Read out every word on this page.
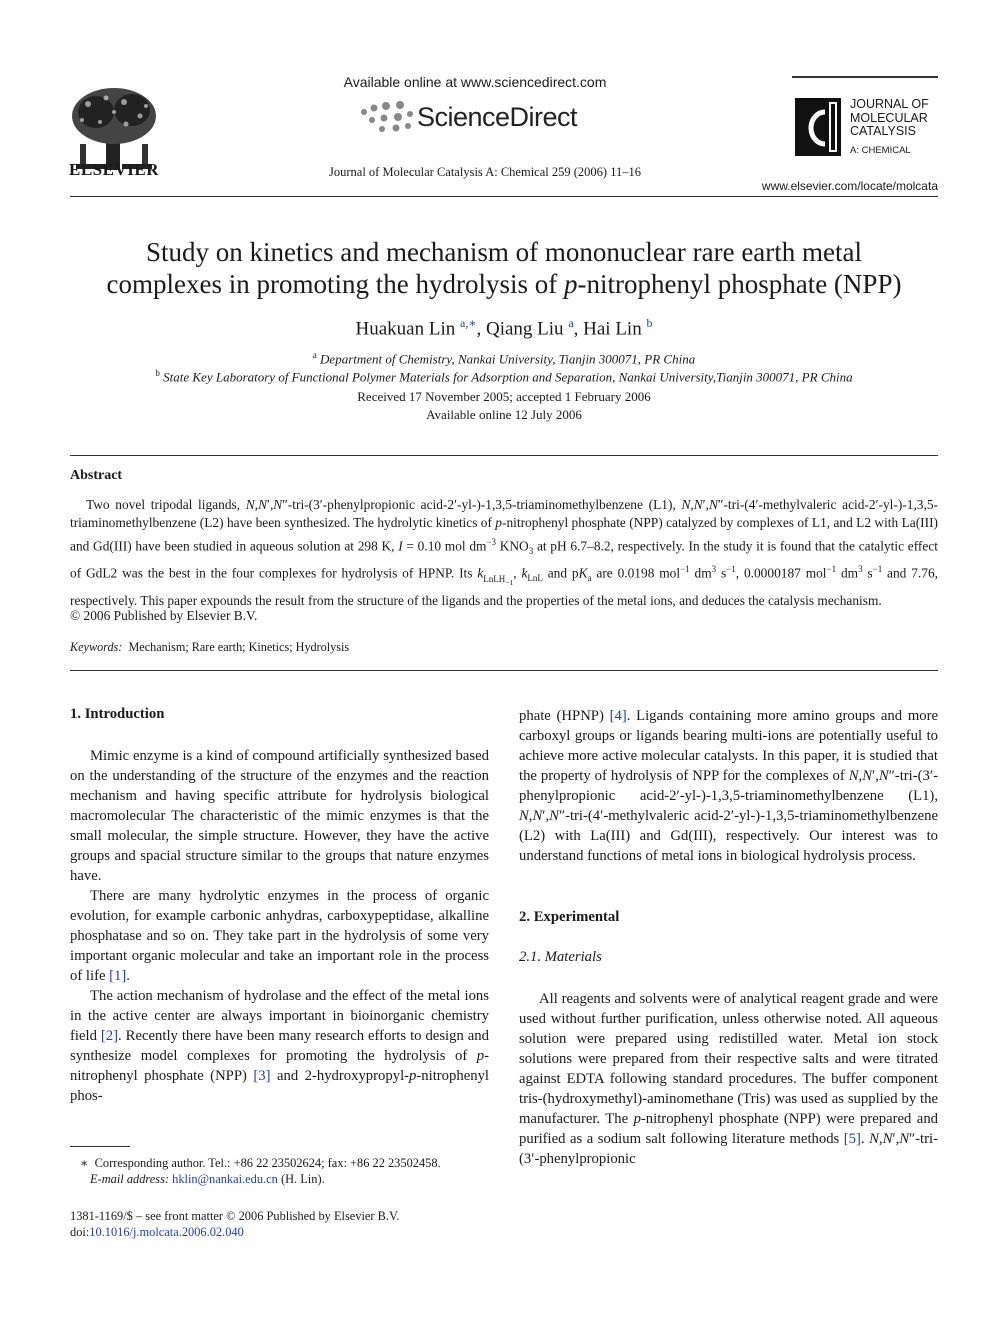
ELSEVIER
Available online at www.sciencedirect.com
ScienceDirect
Journal of Molecular Catalysis A: Chemical 259 (2006) 11–16
JOURNAL OF
MOLECULAR
CATALYSIS
A: CHEMICAL
www.elsevier.com/locate/molcata
Study on kinetics and mechanism of mononuclear rare earth metal
complexes in promoting the hydrolysis of p-nitrophenyl phosphate (NPP)
Huakuan Lin $^{a,∗}$, Qiang Liu $^a$, Hai Lin $^b$
$^a$ Department of Chemistry, Nankai University, Tianjin 300071, PR China
$^b$ State Key Laboratory of Functional Polymer Materials for Adsorption and Separation, Nankai University,Tianjin 300071, PR China
Received 17 November 2005; accepted 1 February 2006
Available online 12 July 2006
Abstract
Two novel tripodal ligands, N,N′,N″-tri-(3′-phenylpropionic acid-2′-yl-)-1,3,5-triaminomethylbenzene (L1), N,N′,N″-tri-(4′-methylvaleric acid-2′-yl-)-1,3,5-triaminomethylbenzene (L2) have been synthesized. The hydrolytic kinetics of p-nitrophenyl phosphate (NPP) catalyzed by complexes of L1, and L2 with La(III) and Gd(III) have been studied in aqueous solution at 298 K, I = 0.10 mol $dm^{-3}$ $KNO_3$ at pH 6.7–8.2, respectively. In the study it is found that the catalytic effect of GdL2 was the best in the four complexes for hydrolysis of HPNP. Its $k_{LnLH_{-1}}$, $k_{LnL}$ and $pK_a$ are 0.0198 mol$^{-1}$ $dm^3$ $s^{-1}$, 0.0000187 mol$^{-1}$ $dm^3$ $s^{-1}$ and 7.76, respectively. This paper expounds the result from the structure of the ligands and the properties of the metal ions, and deduces the catalysis mechanism.
© 2006 Published by Elsevier B.V.
Keywords: Mechanism; Rare earth; Kinetics; Hydrolysis
1. Introduction

Mimic enzyme is a kind of compound artificially synthesized based on the understanding of the structure of the enzymes and the reaction mechanism and having specific attribute for hydrolysis biological macromolecular The characteristic of the mimic enzymes is that the small molecular, the simple structure. However, they have the active groups and spacial structure similar to the groups that nature enzymes have.

There are many hydrolytic enzymes in the process of organic evolution, for example carbonic anhydras, carboxypeptidase, alkalline phosphatase and so on. They take part in the hydrolysis of some very important organic molecular and take an important role in the process of life [1].

The action mechanism of hydrolase and the effect of the metal ions in the active center are always important in bioinorganic chemistry field [2]. Recently there have been many research efforts to design and synthesize model complexes for promoting the hydrolysis of p-nitrophenyl phosphate (NPP) [3] and 2-hydroxypropyl-p-nitrophenyl phos-

∗  Corresponding author. Tel.: +86 22 23502624; fax: +86 22 23502458.
E-mail address: hklin@nankai.edu.cn (H. Lin).
1381-1169/$ – see front matter © 2006 Published by Elsevier B.V.
doi:10.1016/j.molcata.2006.02.040

phate (HPNP) [4]. Ligands containing more amino groups and more carboxyl groups or ligands bearing multi-ions are potentially useful to achieve more active molecular catalysts. In this paper, it is studied that the property of hydrolysis of NPP for the complexes of N,N′,N″-tri-(3′-phenylpropionic acid-2′-yl-)-1,3,5-triaminomethylbenzene (L1), N,N′,N″-tri-(4′-methylvaleric acid-2′-yl-)-1,3,5-triaminomethylbenzene (L2) with La(III) and Gd(III), respectively. Our interest was to understand functions of metal ions in biological hydrolysis process.

2. Experimental
2.1. Materials

All reagents and solvents were of analytical reagent grade and were used without further purification, unless otherwise noted. All aqueous solution were prepared using redistilled water. Metal ion stock solutions were prepared from their respective salts and were titrated against EDTA following standard procedures. The buffer component tris-(hydroxymethyl)-aminomethane (Tris) was used as supplied by the manufacturer. The p-nitrophenyl phosphate (NPP) were prepared and purified as a sodium salt following literature methods [5]. N,N′,N″-tri-(3′-phenylpropionic
